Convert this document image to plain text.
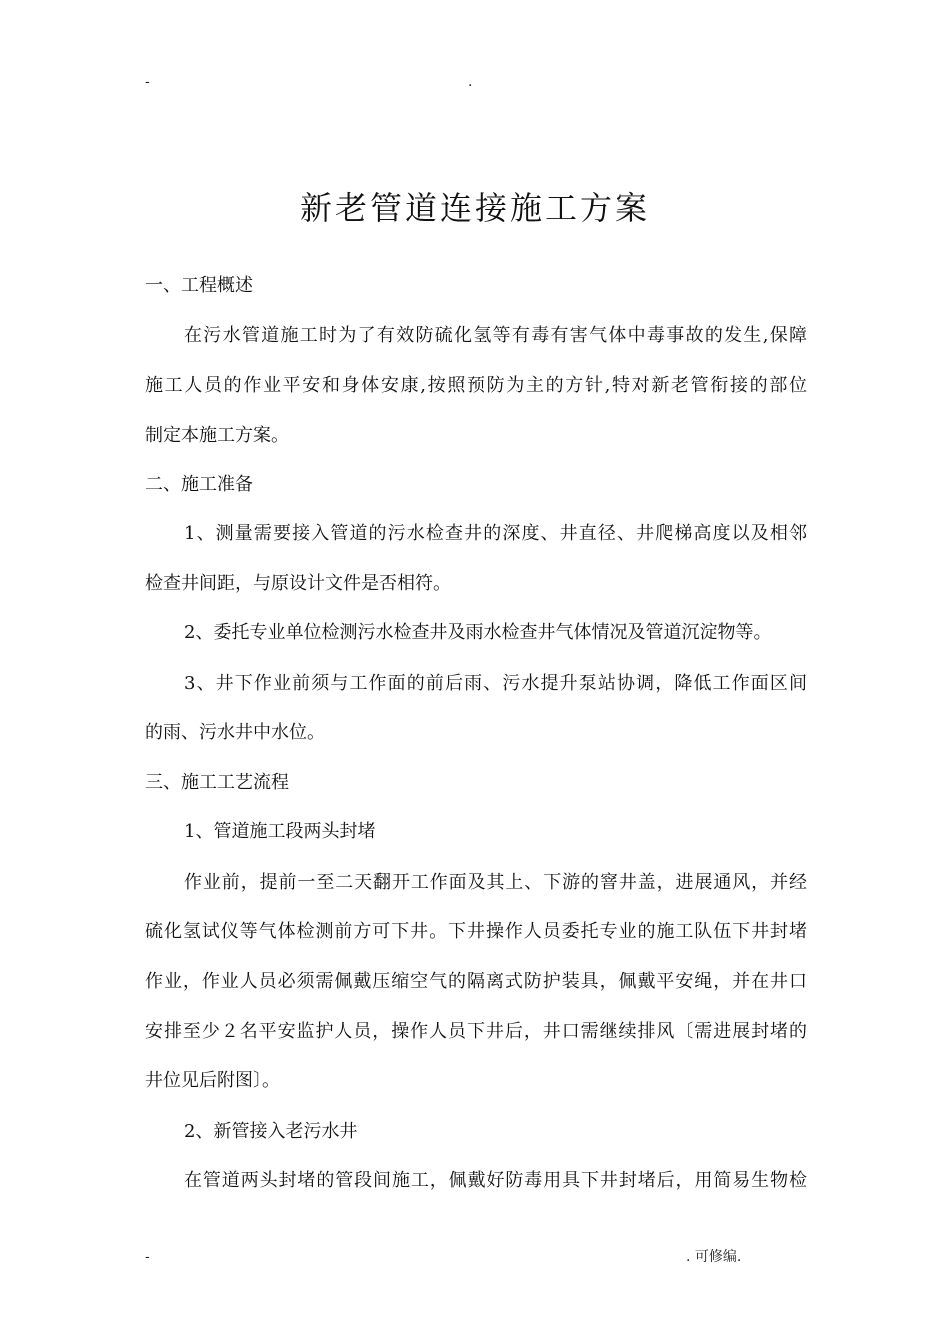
-	.
新老管道连接施工方案
一、工程概述
在污水管道施工时为了有效防硫化氢等有毒有害气体中毒事故的发生,保障
施工人员的作业平安和身体安康,按照预防为主的方针,特对新老管衔接的部位
制定本施工方案。
二、施工准备
1、测量需要接入管道的污水检查井的深度、井直径、井爬梯高度以及相邻
检查井间距，与原设计文件是否相符。
2、委托专业单位检测污水检查井及雨水检查井气体情况及管道沉淀物等。
3、井下作业前须与工作面的前后雨、污水提升泵站协调，降低工作面区间
的雨、污水井中水位。
三、施工工艺流程
1、管道施工段两头封堵
作业前，提前一至二天翻开工作面及其上、下游的窨井盖，进展通风，并经
硫化氢试仪等气体检测前方可下井。下井操作人员委托专业的施工队伍下井封堵
作业，作业人员必须需佩戴压缩空气的隔离式防护装具，佩戴平安绳，并在井口
安排至少２名平安监护人员，操作人员下井后，井口需继续排风〔需进展封堵的
井位见后附图〕。
2、新管接入老污水井
在管道两头封堵的管段间施工，佩戴好防毒用具下井封堵后，用简易生物检
-	. 可修编.
